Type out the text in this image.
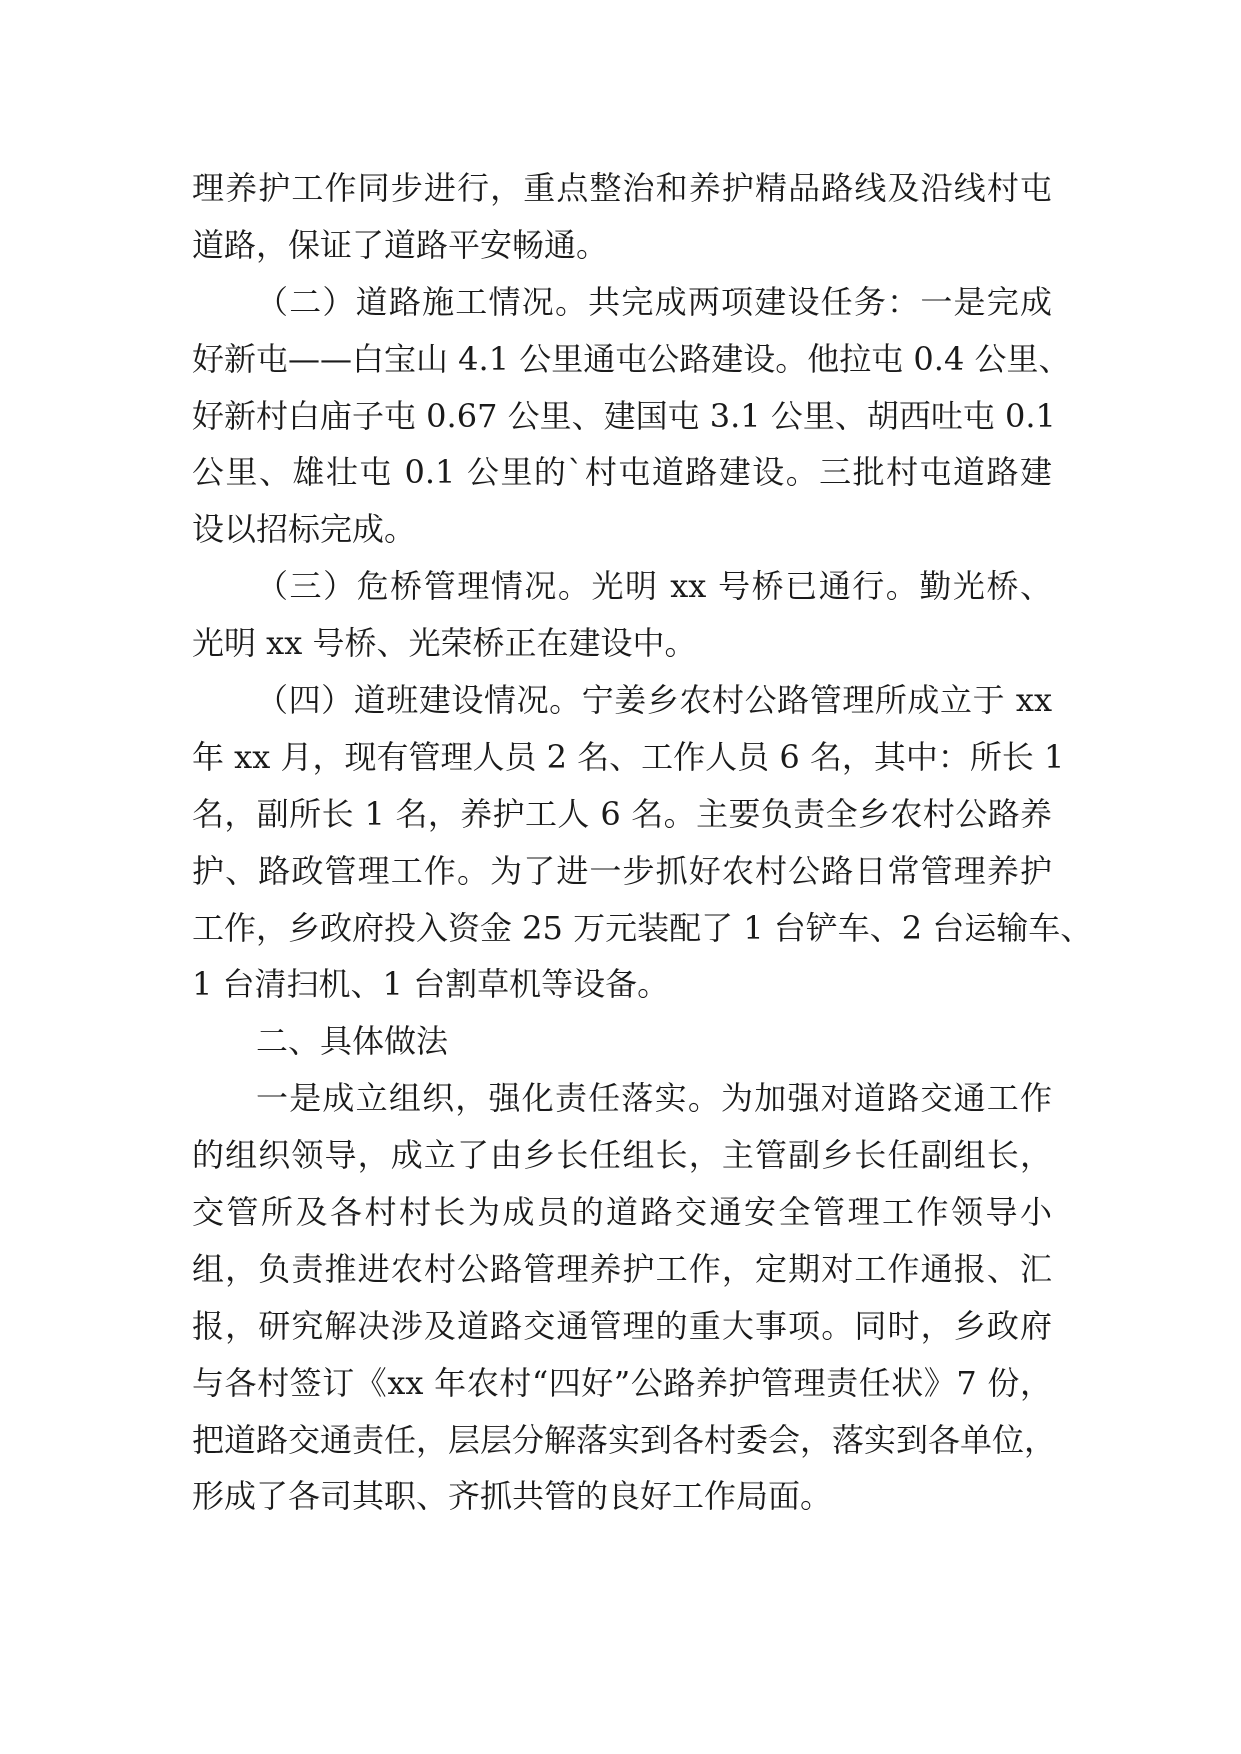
理养护工作同步进行，重点整治和养护精品路线及沿线村屯
道路，保证了道路平安畅通。
（二）道路施工情况。共完成两项建设任务：一是完成
好新屯——白宝山 4.1 公里通屯公路建设。他拉屯 0.4 公里、
好新村白庙子屯 0.67 公里、建国屯 3.1 公里、胡西吐屯 0.1
公里、雄壮屯 0.1 公里的`村屯道路建设。三批村屯道路建
设以招标完成。
（三）危桥管理情况。光明 xx 号桥已通行。勤光桥、
光明 xx 号桥、光荣桥正在建设中。
（四）道班建设情况。宁姜乡农村公路管理所成立于 xx
年 xx 月，现有管理人员 2 名、工作人员 6 名，其中：所长 1
名，副所长 1 名，养护工人 6 名。主要负责全乡农村公路养
护、路政管理工作。为了进一步抓好农村公路日常管理养护
工作，乡政府投入资金 25 万元装配了 1 台铲车、2 台运输车、
1 台清扫机、1 台割草机等设备。
二、具体做法
一是成立组织，强化责任落实。为加强对道路交通工作
的组织领导，成立了由乡长任组长，主管副乡长任副组长，
交管所及各村村长为成员的道路交通安全管理工作领导小
组，负责推进农村公路管理养护工作，定期对工作通报、汇
报，研究解决涉及道路交通管理的重大事项。同时，乡政府
与各村签订《xx 年农村“四好”公路养护管理责任状》7 份，
把道路交通责任，层层分解落实到各村委会，落实到各单位，
形成了各司其职、齐抓共管的良好工作局面。
